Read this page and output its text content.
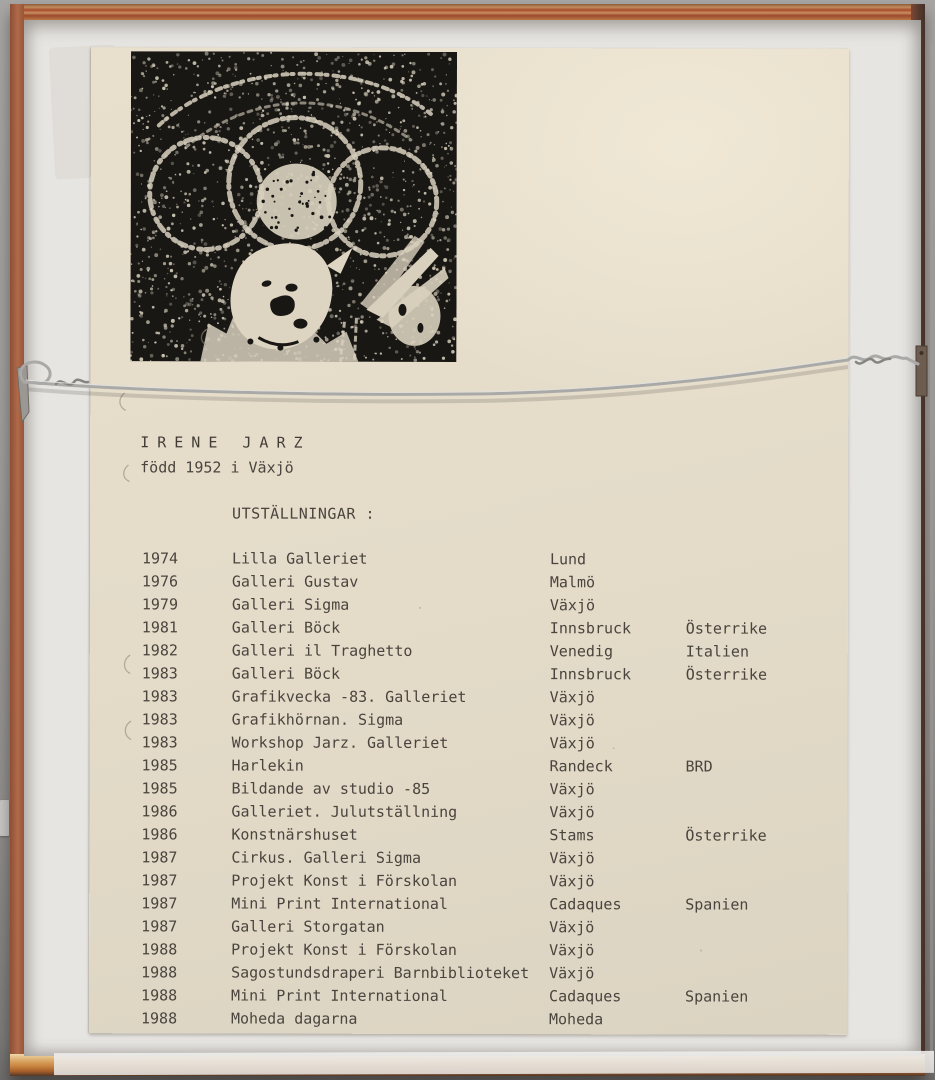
IRENE JARZ
född 1952 i Växjö
UTSTÄLLNINGAR :
1974	Lilla Galleriet	Lund
1976	Galleri Gustav	Malmö
1979	Galleri Sigma	Växjö
1981	Galleri Böck	Innsbruck	Österrike
1982	Galleri il Traghetto	Venedig	Italien
1983	Galleri Böck	Innsbruck	Österrike
1983	Grafikvecka -83. Galleriet	Växjö
1983	Grafikhörnan. Sigma	Växjö
1983	Workshop Jarz. Galleriet	Växjö
1985	Harlekin	Randeck	BRD
1985	Bildande av studio -85	Växjö
1986	Galleriet. Julutställning	Växjö
1986	Konstnärshuset	Stams	Österrike
1987	Cirkus. Galleri Sigma	Växjö
1987	Projekt Konst i Förskolan	Växjö
1987	Mini Print International	Cadaques	Spanien
1987	Galleri Storgatan	Växjö
1988	Projekt Konst i Förskolan	Växjö
1988	Sagostundsdraperi Barnbiblioteket Växjö
1988	Mini Print International	Cadaques	Spanien
1988	Moheda dagarna	Moheda
